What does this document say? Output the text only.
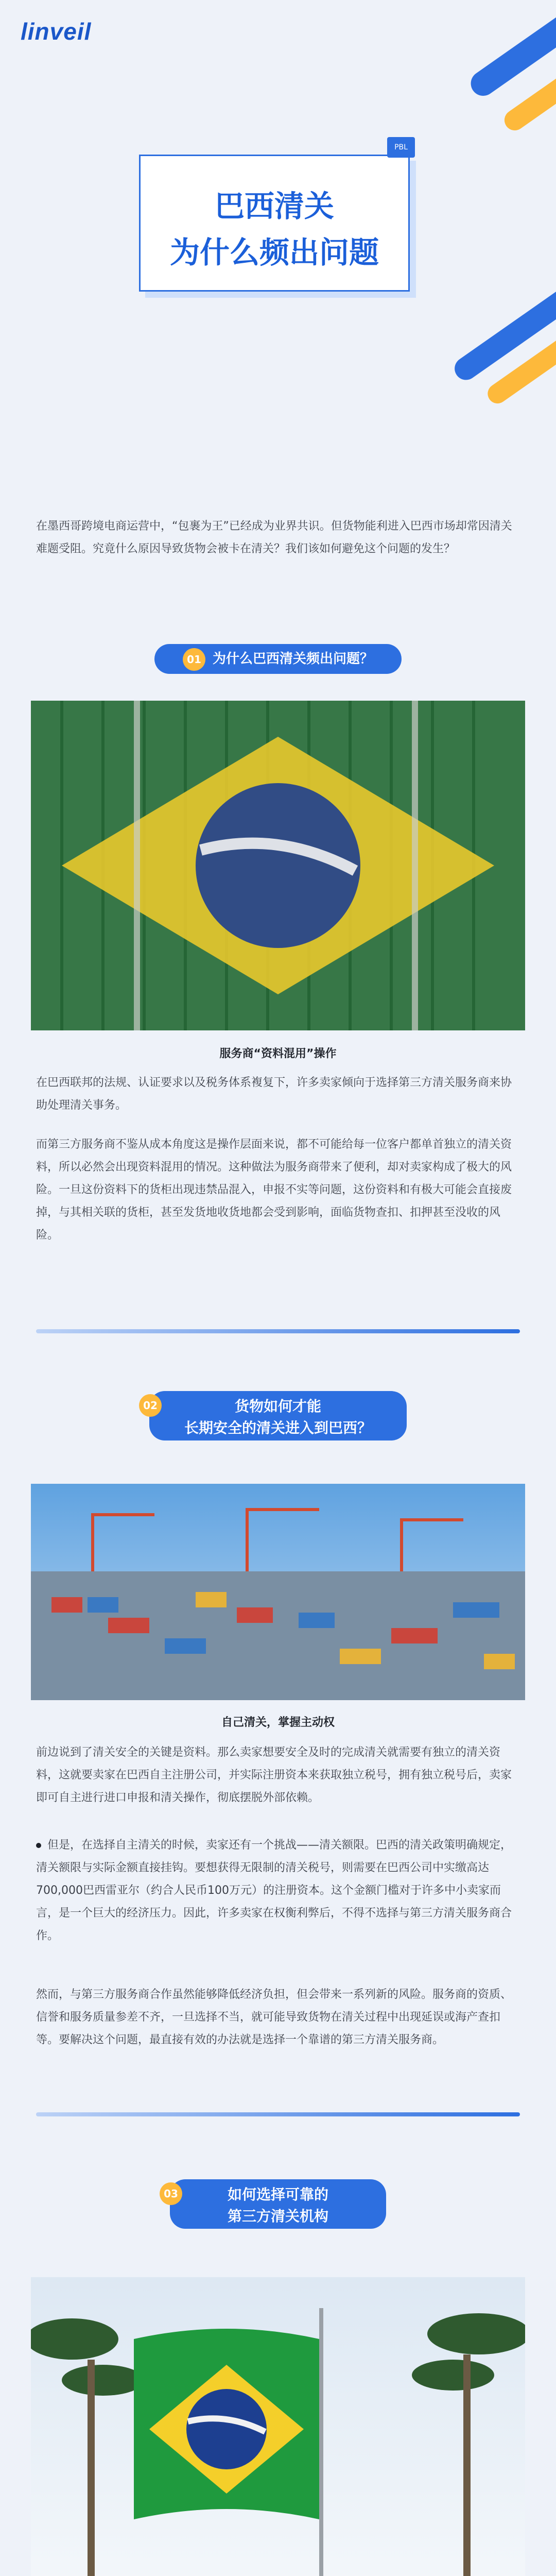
linveil
巴西清关
为什么频出问题
PBL
在墨西哥跨境电商运营中，“包裹为王”已经成为业界共识。但货物能利进入巴西市场却常因清关难题受阻。究竟什么原因导致货物会被卡在清关？我们该如何避免这个问题的发生？
01 为什么巴西清关频出问题？
服务商“资料混用”操作
在巴西联邦的法规、认证要求以及税务体系複复下，许多卖家倾向于选择第三方清关服务商来协助处理清关事务。
而第三方服务商不鉴从成本角度这是操作层面来说，都不可能给每一位客户都单首独立的清关资料，所以必然会出现资料混用的情况。这种做法为服务商带来了便利，却对卖家构成了极大的风险。一旦这份资料下的货柜出现违禁品混入，申报不实等问题，这份资料和有极大可能会直接废掉，与其相关联的货柜，甚至发货地收货地都会受到影响，面临货物查扣、扣押甚至没收的风险。
货物如何才能
长期安全的清关进入到巴西？
02
自己清关，掌握主动权
前边说到了清关安全的关键是资料。那么卖家想要安全及时的完成清关就需要有独立的清关资料，这就要卖家在巴西自主注册公司，并实际注册资本来获取独立税号，拥有独立税号后，卖家即可自主进行进口申报和清关操作，彻底摆脱外部依赖。
但是，在选择自主清关的时候，卖家还有一个挑战——清关额限。巴西的清关政策明确规定，清关额限与实际金额直接挂钩。要想获得无限制的清关税号，则需要在巴西公司中实缴高达700,000巴西雷亚尔（约合人民币100万元）的注册资本。这个金额门槛对于许多中小卖家而言，是一个巨大的经济压力。因此，许多卖家在权衡利弊后，不得不选择与第三方清关服务商合作。
然而，与第三方服务商合作虽然能够降低经济负担，但会带来一系列新的风险。服务商的资质、信誉和服务质量参差不齐，一旦选择不当，就可能导致货物在清关过程中出现延误或海产查扣等。要解决这个问题，最直接有效的办法就是选择一个靠谱的第三方清关服务商。
如何选择可靠的
第三方清关机构
03
